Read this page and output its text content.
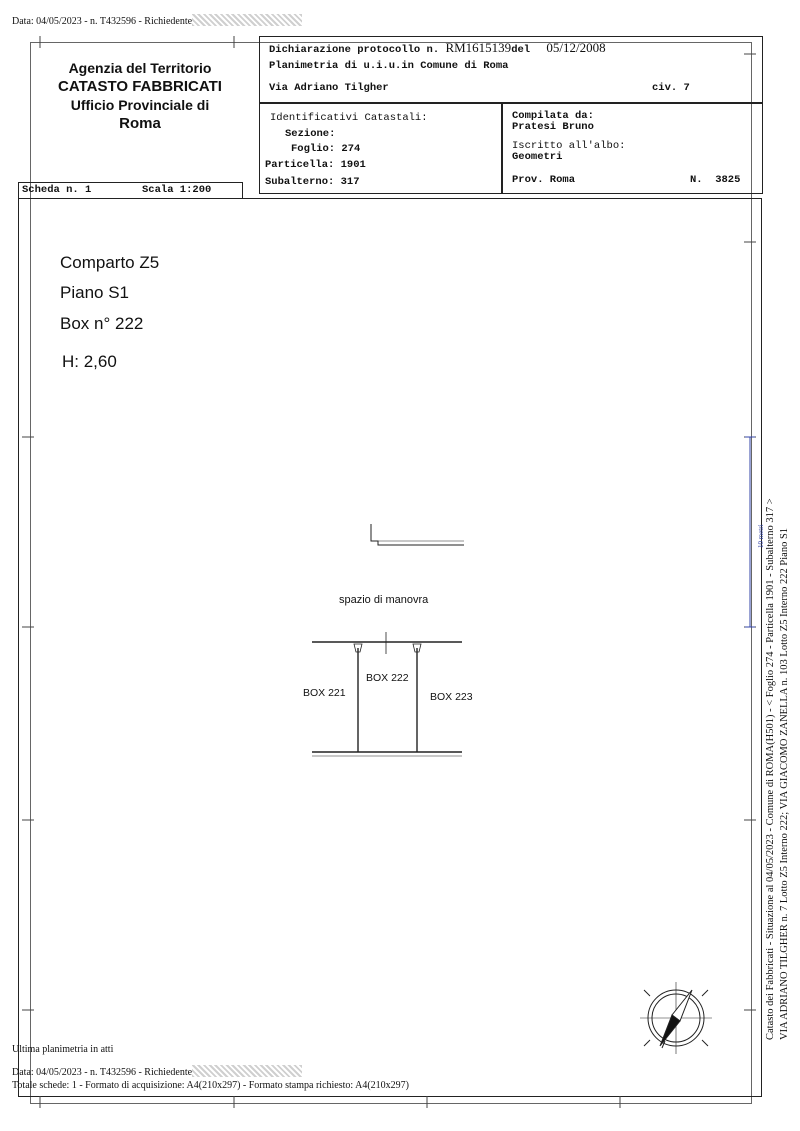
Data: 04/05/2023 - n. T432596 - Richiedente
Agenzia del Territorio
CATASTO FABBRICATI
Ufficio Provinciale di
Roma
Dichiarazione protocollo n. RM1615139del 05/12/2008
Planimetria di u.i.u.in Comune di Roma
Via Adriano Tilgher	civ. 7
Identificativi Catastali:
Sezione:
Foglio: 274
Particella: 1901
Subalterno: 317
Compilata da:
Pratesi Bruno
Iscritto all'albo:
Geometri
Prov. Roma	N.  3825
Scheda n. 1	Scala 1:200
Comparto Z5
Piano S1
Box n° 222
H: 2,60
spazio di manovra
BOX 221
BOX 222
BOX 223	Catasto dei Fabbricati - Situazione al 04/05/2023 - Comune di ROMA(H501) - < Foglio 274 - Particella 1901 - Subalterno 317 > VIA ADRIANO TILGHER n. 7 Lotto Z5 Interno 222; VIA GIACOMO ZANELLA n. 103 Lotto Z5 Interno 222 Piano S1
10 metri
Ultima planimetria in atti
Data: 04/05/2023 - n. T432596 - Richiedente
Totale schede: 1 - Formato di acquisizione: A4(210x297) - Formato stampa richiesto: A4(210x297)
